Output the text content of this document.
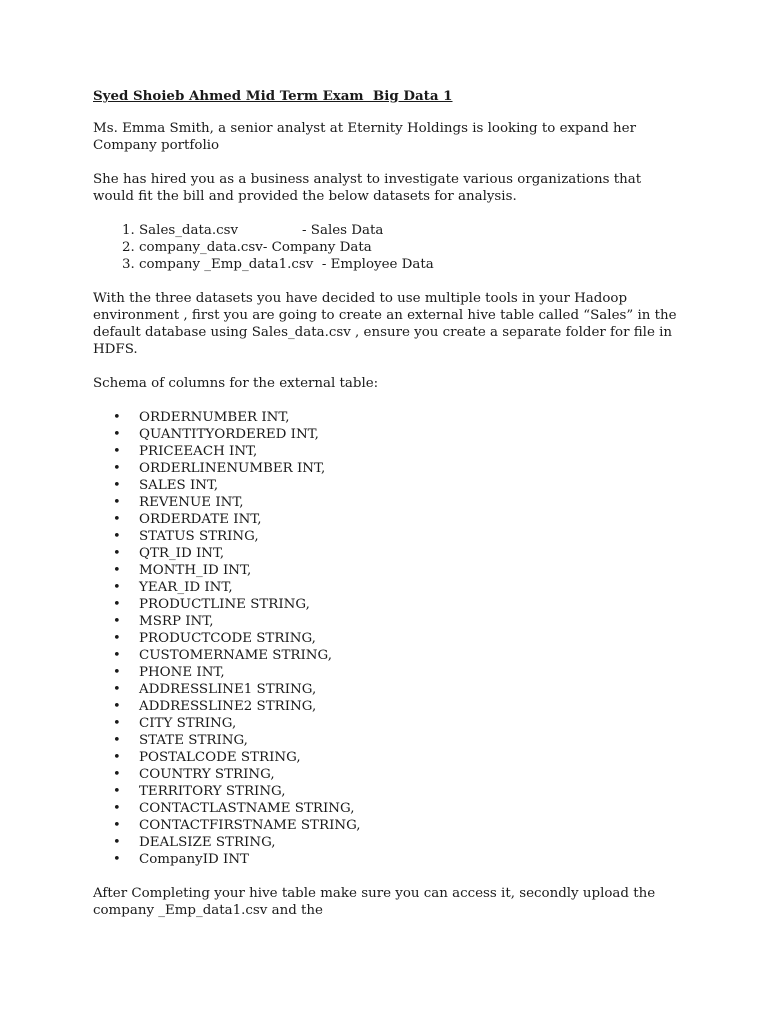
Syed Shoieb Ahmed Mid Term Exam  Big Data 1

Ms. Emma Smith, a senior analyst at Eternity Holdings is looking to expand her Company portfolio

She has hired you as a business analyst to investigate various organizations that would fit the bill and provided the below datasets for analysis.

1. Sales_data.csv	- Sales Data
2. company_data.csv- Company Data
3. company _Emp_data1.csv  - Employee Data

With the three datasets you have decided to use multiple tools in your Hadoop environment , first you are going to create an external hive table called “Sales” in the default database using Sales_data.csv , ensure you create a separate folder for file in HDFS.

Schema of columns for the external table:

• ORDERNUMBER INT,
• QUANTITYORDERED INT,
• PRICEEACH INT,
• ORDERLINENUMBER INT,
• SALES INT,
• REVENUE INT,
• ORDERDATE INT,
• STATUS STRING,
• QTR_ID INT,
• MONTH_ID INT,
• YEAR_ID INT,
• PRODUCTLINE STRING,
• MSRP INT,
• PRODUCTCODE STRING,
• CUSTOMERNAME STRING,
• PHONE INT,
• ADDRESSLINE1 STRING,
• ADDRESSLINE2 STRING,
• CITY STRING,
• STATE STRING,
• POSTALCODE STRING,
• COUNTRY STRING,
• TERRITORY STRING,
• CONTACTLASTNAME STRING,
• CONTACTFIRSTNAME STRING,
• DEALSIZE STRING,
• CompanyID INT

After Completing your hive table make sure you can access it, secondly upload the company _Emp_data1.csv and the
